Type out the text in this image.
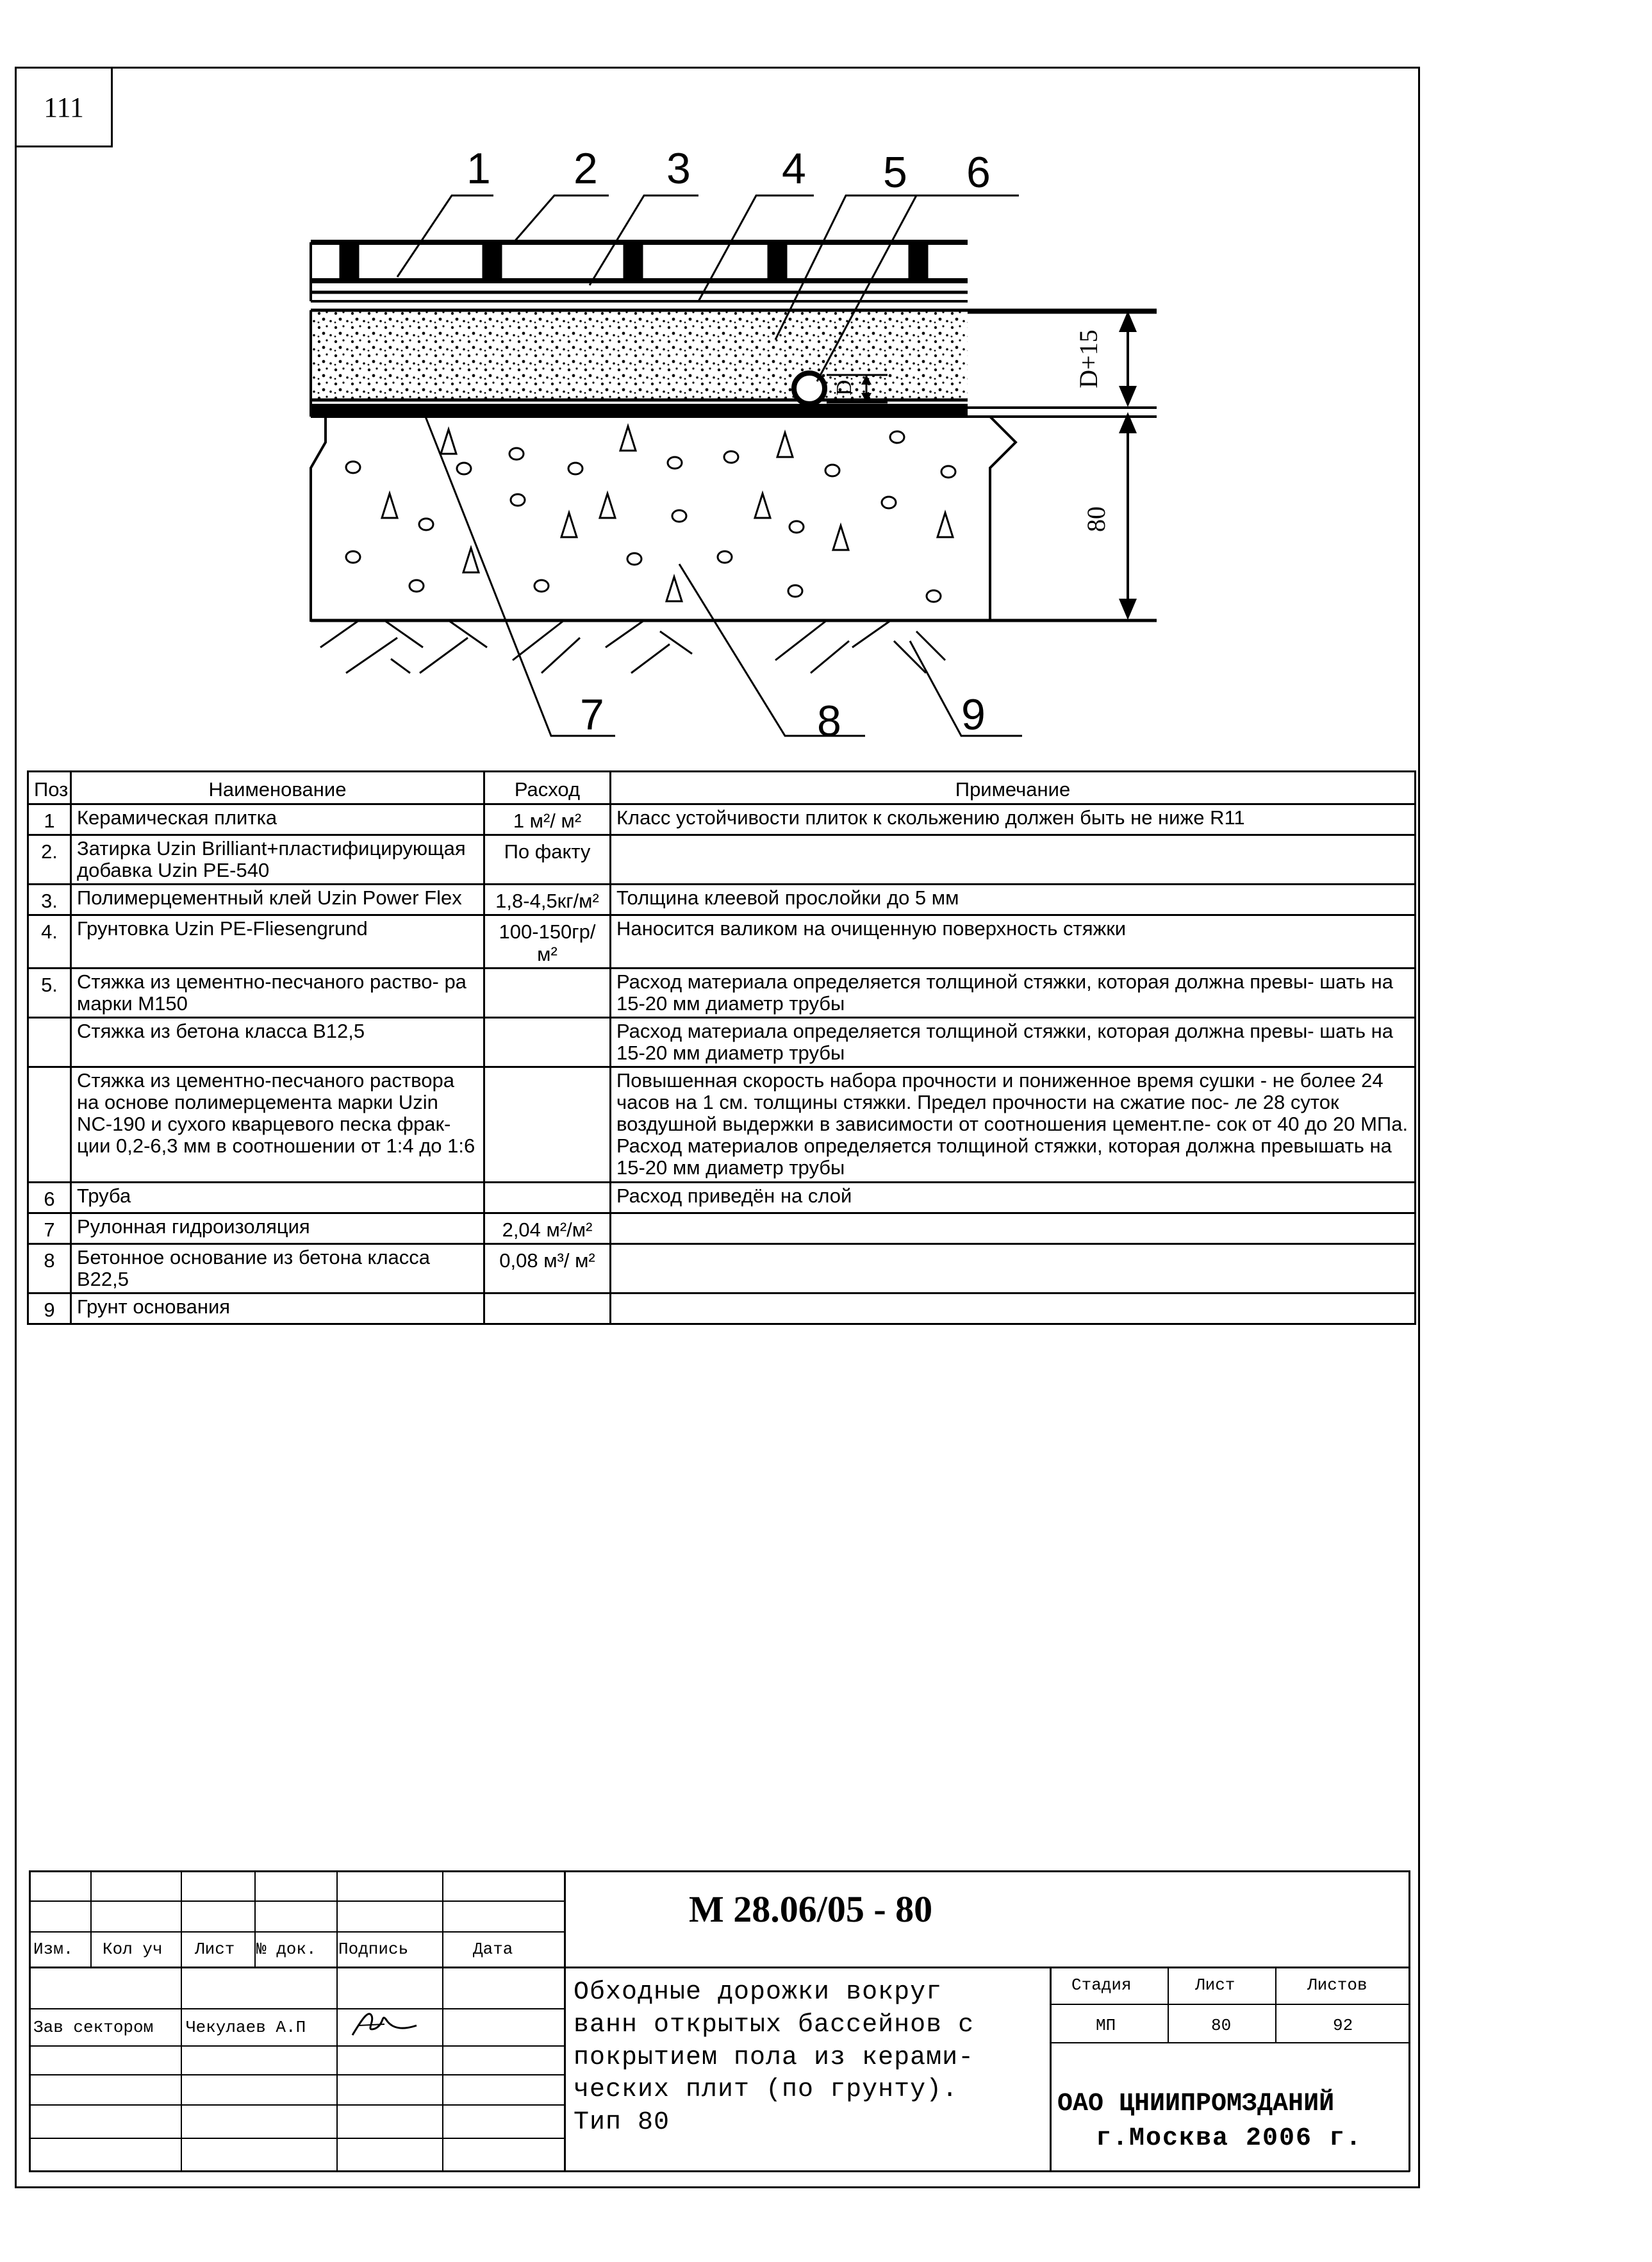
111
D	D+15
80
1 2 3 4 5 6
7	8	9
Поз	Наименование	Расход	Примечание
1	Керамическая плитка	1 м²/ м²	Класс устойчивости плиток к скольжению должен быть не ниже R11
2.	Затирка Uzin Brilliant+пластифицирующая добавка Uzin PE-540	По факту	
3.	Полимерцементный клей Uzin Power Flex	1,8-4,5кг/м²	Толщина клеевой прослойки до 5 мм
4.	Грунтовка Uzin PE-Fliesengrund	100-150гр/м²	Наносится валиком на очищенную поверхность стяжки
5.	Стяжка из цементно-песчаного раство- ра марки М150		Расход материала определяется толщиной стяжки, которая должна превы- шать на 15-20 мм диаметр трубы
	Стяжка из бетона класса В12,5		Расход материала определяется толщиной стяжки, которая должна превы- шать на 15-20 мм диаметр трубы
	Стяжка из цементно-песчаного раствора на основе полимерцемента марки Uzin NC-190 и сухого кварцевого песка фрак- ции 0,2-6,3 мм в соотношении от 1:4 до 1:6		Повышенная скорость набора прочности и пониженное время сушки - не более 24 часов на 1 см. толщины стяжки. Предел прочности на сжатие пос- ле 28 суток воздушной выдержки в зависимости от соотношения цемент.пе- сок от 40 до 20 МПа. Расход материалов определяется толщиной стяжки, которая должна превышать на 15-20 мм диаметр трубы
6	Труба		Расход приведён на слой
7	Рулонная гидроизоляция	2,04 м²/м²	
8	Бетонное основание из бетона класса В22,5	0,08 м³/ м²	
9	Грунт основания		
М 28.06/05 - 80
Изм. Кол уч Лист № док. Подпись	Дата
Зав сектором Чекулаев А.П
Обходные дорожки вокруг
ванн открытых бассейнов с
покрытием пола из керами-
ческих плит (по грунту).
Тип 80
Стадия	Лист	Листов
МП	80	92
ОАО ЦНИИПРОМЗДАНИЙ
г.Москва 2006 г.
